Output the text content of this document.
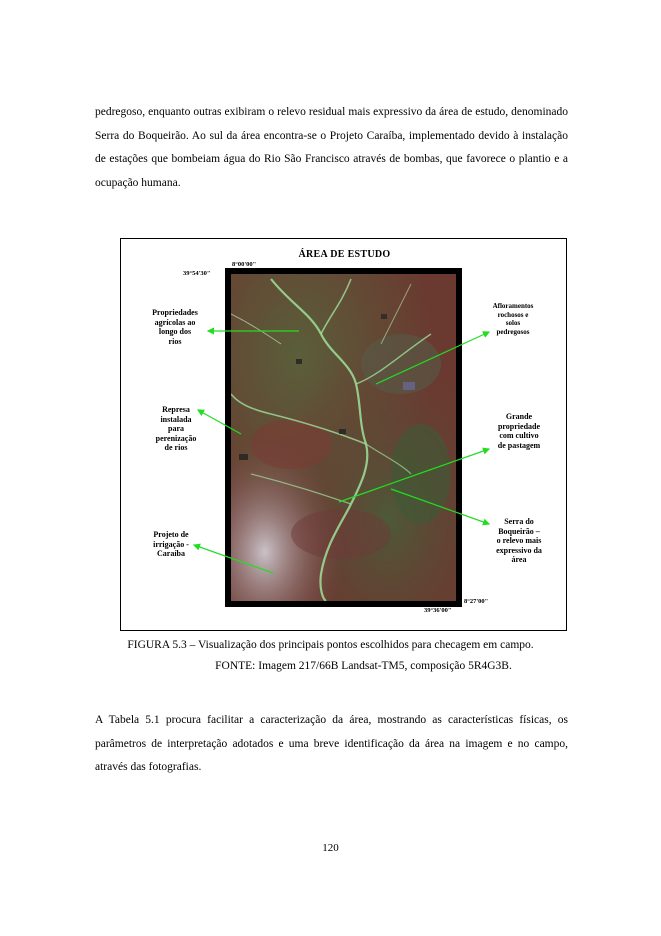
pedregoso, enquanto outras exibiram o relevo residual mais expressivo da área de estudo, denominado Serra do Boqueirão. Ao sul da área encontra-se o Projeto Caraíba, implementado devido à instalação de estações que bombeiam água do Rio São Francisco através de bombas, que favorece o plantio e a ocupação humana.

ÁREA DE ESTUDO
8°00'00"
39°54'30"
8°27'00"
39°36'00"
Propriedades
agrícolas ao
longo dos
rios
Represa
instalada
para
perenização
de rios
Projeto de
irrigação -
Caraíba
Afloramentos
rochosos e
solos
pedregosos
Grande
propriedade
com cultivo
de pastagem
Serra do
Boqueirão –
o relevo mais
expressivo da
área
FIGURA 5.3 – Visualização dos principais pontos escolhidos para checagem em campo.
FONTE: Imagem 217/66B Landsat-TM5, composição 5R4G3B.

A Tabela 5.1 procura facilitar a caracterização da área, mostrando as características físicas, os parâmetros de interpretação adotados e uma breve identificação da área na imagem e no campo, através das fotografias.

120
